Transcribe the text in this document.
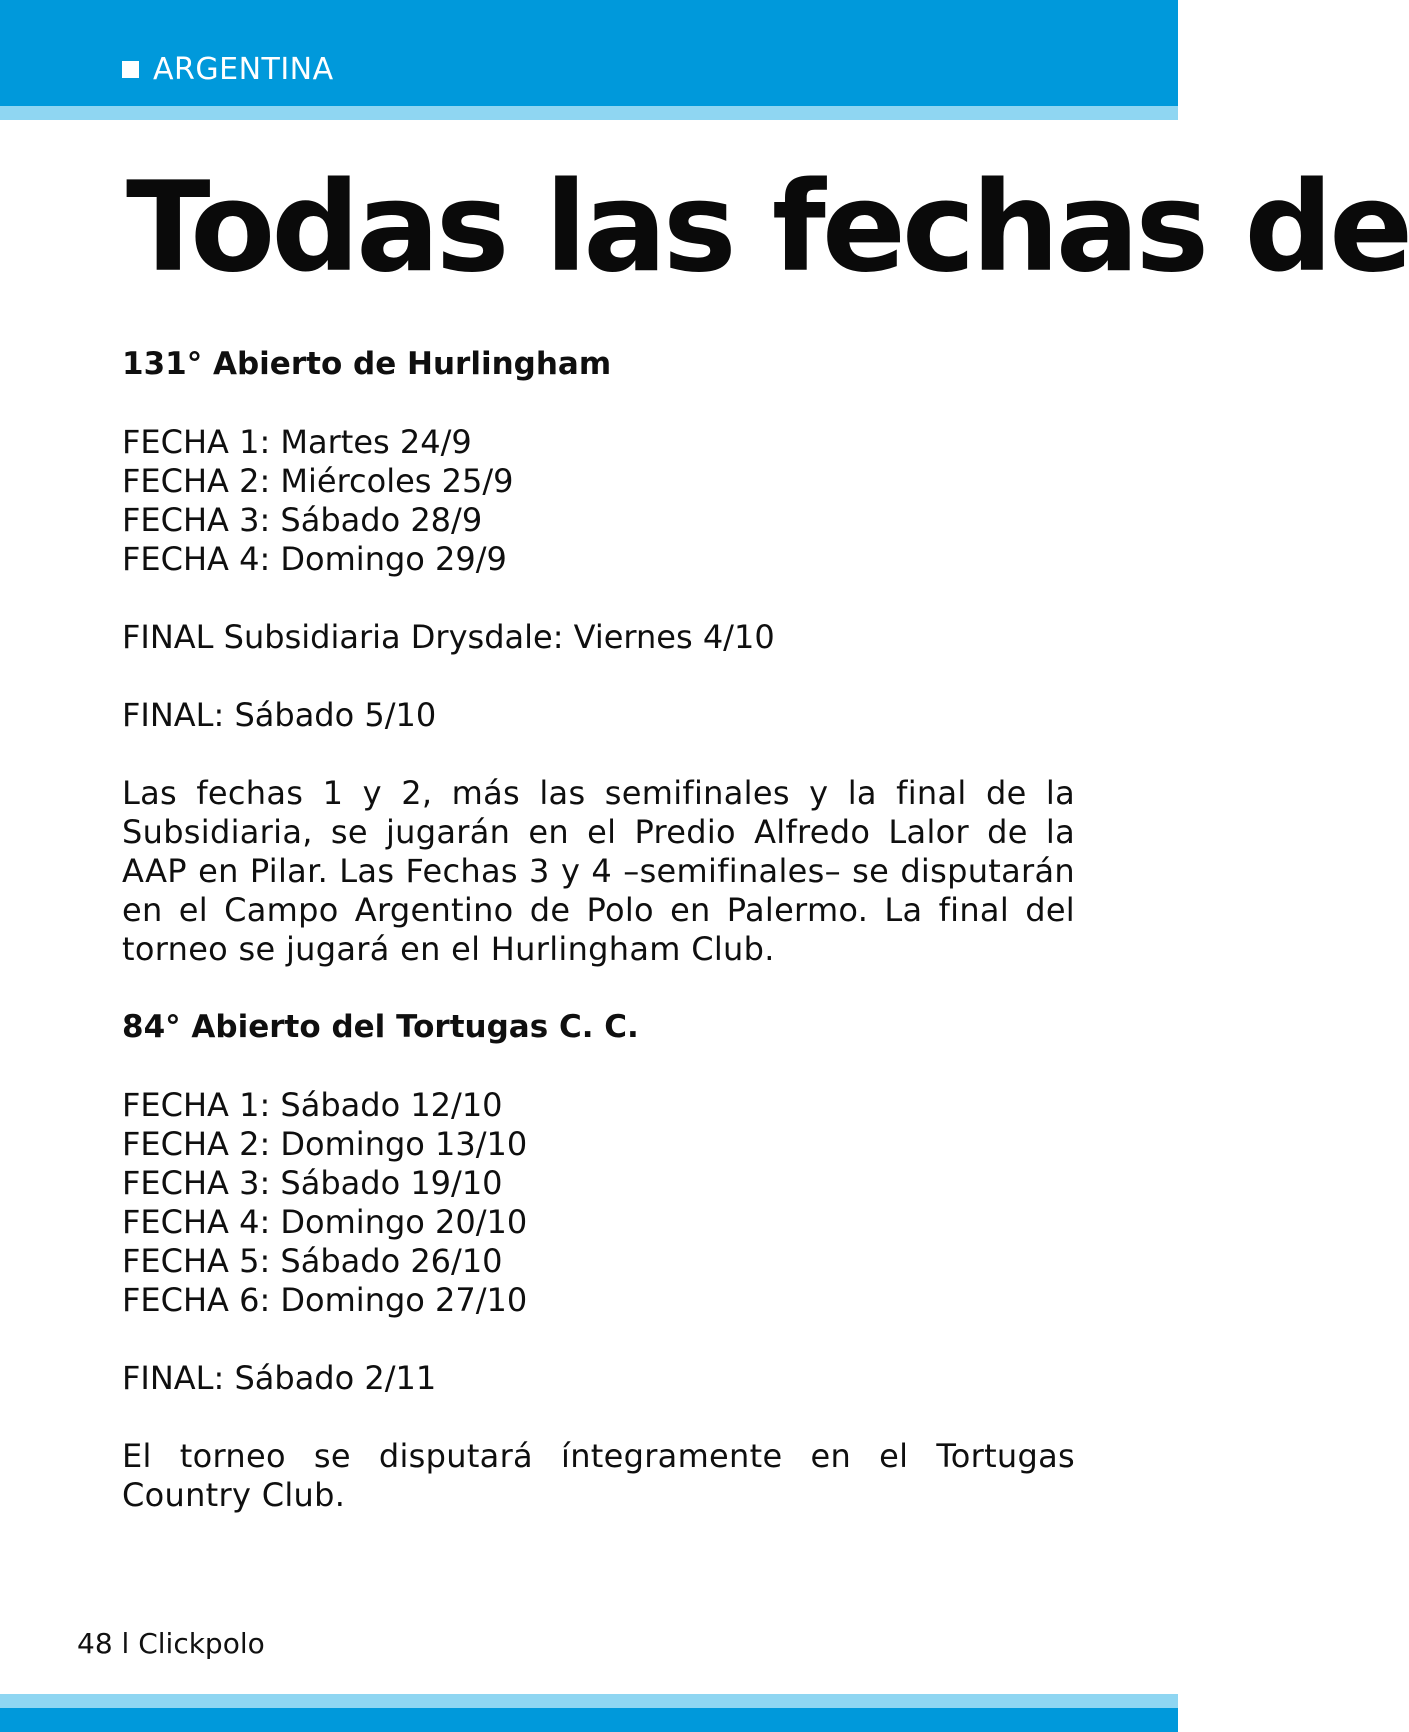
ARGENTINA
Todas las fechas de

131° Abierto de Hurlingham

FECHA 1: Martes 24/9

FECHA 2: Miércoles 25/9

FECHA 3: Sábado 28/9

FECHA 4: Domingo 29/9

FINAL Subsidiaria Drysdale: Viernes 4/10

FINAL: Sábado 5/10

Las fechas 1 y 2, más las semifinales y la final de la Subsidiaria, se jugarán en el Predio Alfredo Lalor de la AAP en Pilar. Las Fechas 3 y 4 –semifinales– se disputarán en el Campo Argentino de Polo en Palermo. La final del torneo se jugará en el Hurlingham Club.

84° Abierto del Tortugas C. C.

FECHA 1: Sábado 12/10

FECHA 2: Domingo 13/10

FECHA 3: Sábado 19/10

FECHA 4: Domingo 20/10

FECHA 5: Sábado 26/10

FECHA 6: Domingo 27/10

FINAL: Sábado 2/11

El torneo se disputará íntegramente en el Tortugas Country Club.

48 l Clickpolo
